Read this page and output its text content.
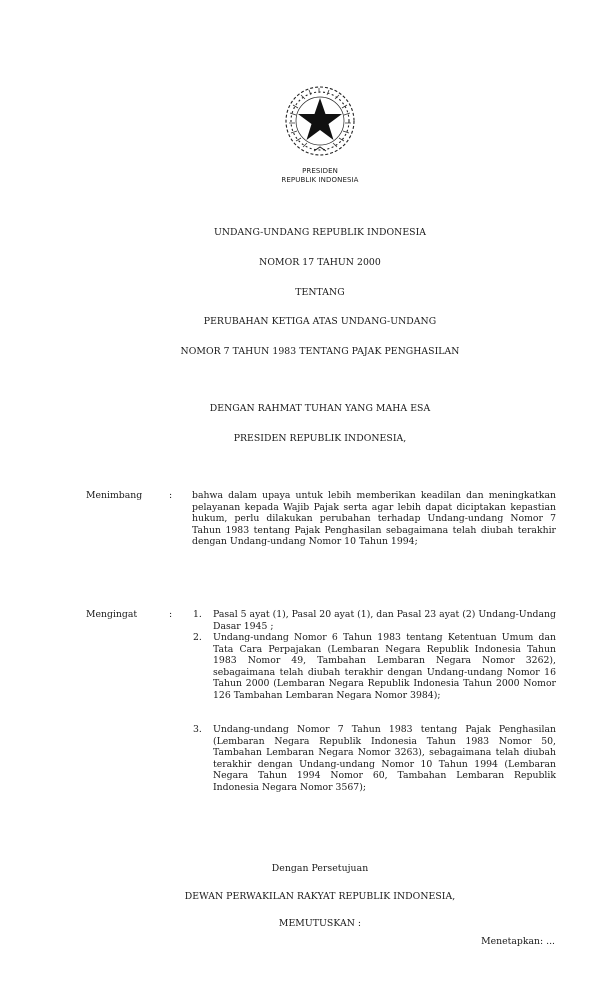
PRESIDEN
REPUBLIK INDONESIA
UNDANG-UNDANG REPUBLIK INDONESIA
NOMOR 17 TAHUN 2000
TENTANG
PERUBAHAN KETIGA ATAS UNDANG-UNDANG
NOMOR 7 TAHUN 1983 TENTANG PAJAK PENGHASILAN
DENGAN RAHMAT TUHAN YANG MAHA ESA
PRESIDEN REPUBLIK INDONESIA,
Menimbang	: bahwa dalam upaya untuk lebih memberikan keadilan dan meningkatkan pelayanan kepada Wajib Pajak serta agar lebih dapat diciptakan kepastian hukum, perlu dilakukan perubahan terhadap Undang-undang Nomor 7 Tahun 1983 tentang Pajak Penghasilan sebagaimana telah diubah terakhir dengan Undang-undang Nomor 10 Tahun 1994;
Mengingat	: 1. Pasal 5 ayat (1), Pasal 20 ayat (1), dan Pasal 23 ayat (2) Undang-Undang Dasar 1945 ;
2. Undang-undang Nomor 6 Tahun 1983 tentang Ketentuan Umum dan Tata Cara Perpajakan (Lembaran Negara Republik Indonesia Tahun 1983 Nomor 49, Tambahan Lembaran Negara Nomor 3262), sebagaimana telah diubah terakhir dengan Undang-undang Nomor 16 Tahun 2000 (Lembaran Negara Republik Indonesia Tahun 2000 Nomor 126 Tambahan Lembaran Negara Nomor 3984);
3. Undang-undang Nomor 7 Tahun 1983 tentang Pajak Penghasilan (Lembaran Negara Republik Indonesia Tahun 1983 Nomor 50, Tambahan Lembaran Negara Nomor 3263), sebagaimana telah diubah terakhir dengan Undang-undang Nomor 10 Tahun 1994 (Lembaran Negara Tahun 1994 Nomor 60, Tambahan Lembaran Republik Indonesia Negara Nomor 3567);
Dengan Persetujuan
DEWAN PERWAKILAN RAKYAT REPUBLIK INDONESIA,
MEMUTUSKAN :
Menetapkan: ...
